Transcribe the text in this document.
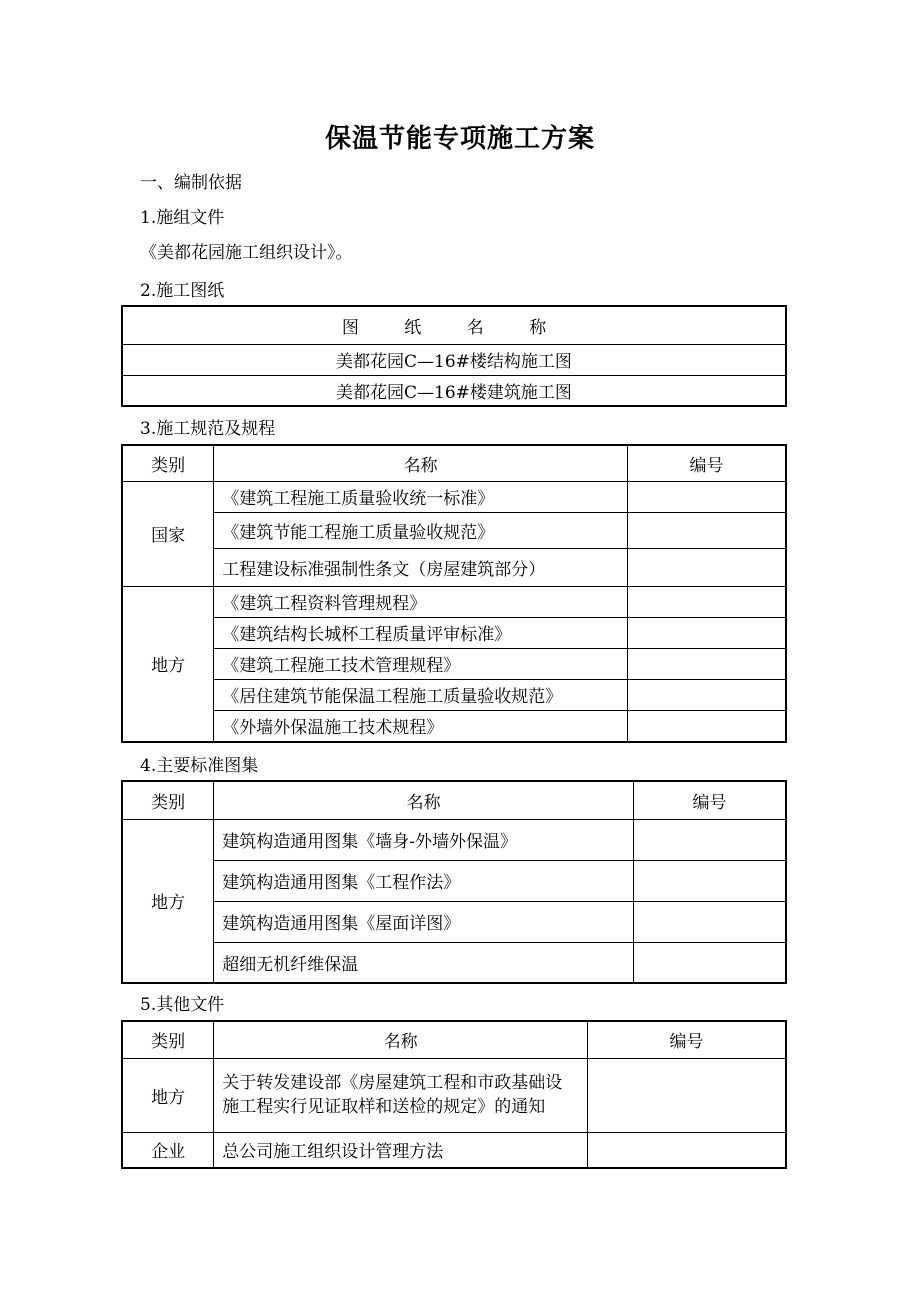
保温节能专项施工方案
一、编制依据
1.施组文件
《美都花园施工组织设计》。
2.施工图纸
图 纸 名 称
美都花园C—16#楼结构施工图
美都花园C—16#楼建筑施工图
3.施工规范及规程
类别	名称	编号
国家	《建筑工程施工质量验收统一标准》	
	《建筑节能工程施工质量验收规范》	
	工程建设标准强制性条文（房屋建筑部分）	
地方	《建筑工程资料管理规程》	
	《建筑结构长城杯工程质量评审标准》	
	《建筑工程施工技术管理规程》	
	《居住建筑节能保温工程施工质量验收规范》	
	《外墙外保温施工技术规程》	
4.主要标准图集
类别	名称	编号
地方	建筑构造通用图集《墙身-外墙外保温》	
	建筑构造通用图集《工程作法》	
	建筑构造通用图集《屋面详图》	
	超细无机纤维保温	
5.其他文件
类别	名称	编号
地方	关于转发建设部《房屋建筑工程和市政基础设施工程实行见证取样和送检的规定》的通知	
企业	总公司施工组织设计管理方法	
